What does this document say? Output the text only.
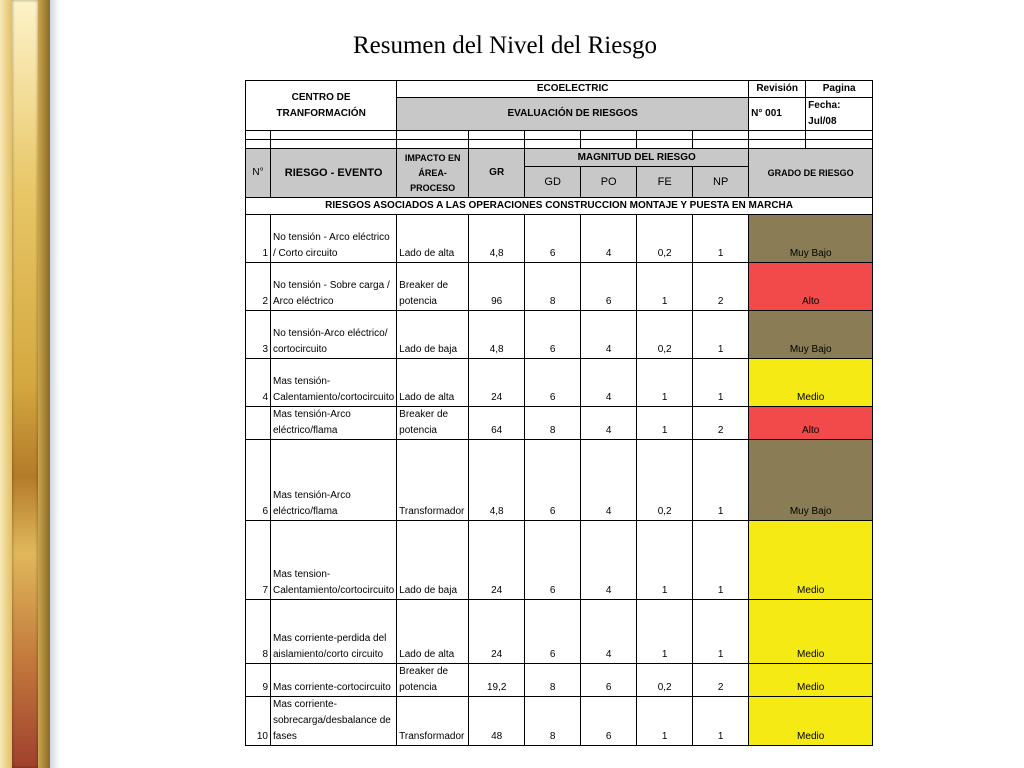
Resumen del Nivel del Riesgo
CENTRO DE
TRANFORMACIÓN		ECOELECTRIC						Revisión	Pagina
		EVALUACIÓN DE RIESGOS						N° 001	Fecha: Jul/08

N°	RIESGO - EVENTO	IMPACTO EN ÁREA-PROCESO	GR	MAGNITUD DEL RIESGO				GRADO DE RIESGO	
				GD	PO	FE	NP		
RIESGOS ASOCIADOS A LAS OPERACIONES CONSTRUCCION MONTAJE Y PUESTA EN MARCHA									
1	No tensión - Arco eléctrico / Corto circuito	Lado de alta	4,8	6	4	0,2	1	Muy Bajo	
2	No tensión - Sobre carga / Arco eléctrico	Breaker de potencia	96	8	6	1	2	Alto	
3	No tensión-Arco eléctrico/ cortocircuito	Lado de baja	4,8	6	4	0,2	1	Muy Bajo	
4	Mas tensión-Calentamiento/cortocircuito	Lado de alta	24	6	4	1	1	Medio	
	Mas tensión-Arco eléctrico/flama	Breaker de potencia	64	8	4	1	2	Alto	
6	Mas tensión-Arco eléctrico/flama	Transformador	4,8	6	4	0,2	1	Muy Bajo	
7	Mas tension-Calentamiento/cortocircuito	Lado de baja	24	6	4	1	1	Medio	
8	Mas corriente-perdida del aislamiento/corto circuito	Lado de alta	24	6	4	1	1	Medio	
9	Mas corriente-cortocircuito	Breaker de potencia	19,2	8	6	0,2	2	Medio	
10	Mas corriente-sobrecarga/desbalance de fases	Transformador	48	8	6	1	1	Medio	
